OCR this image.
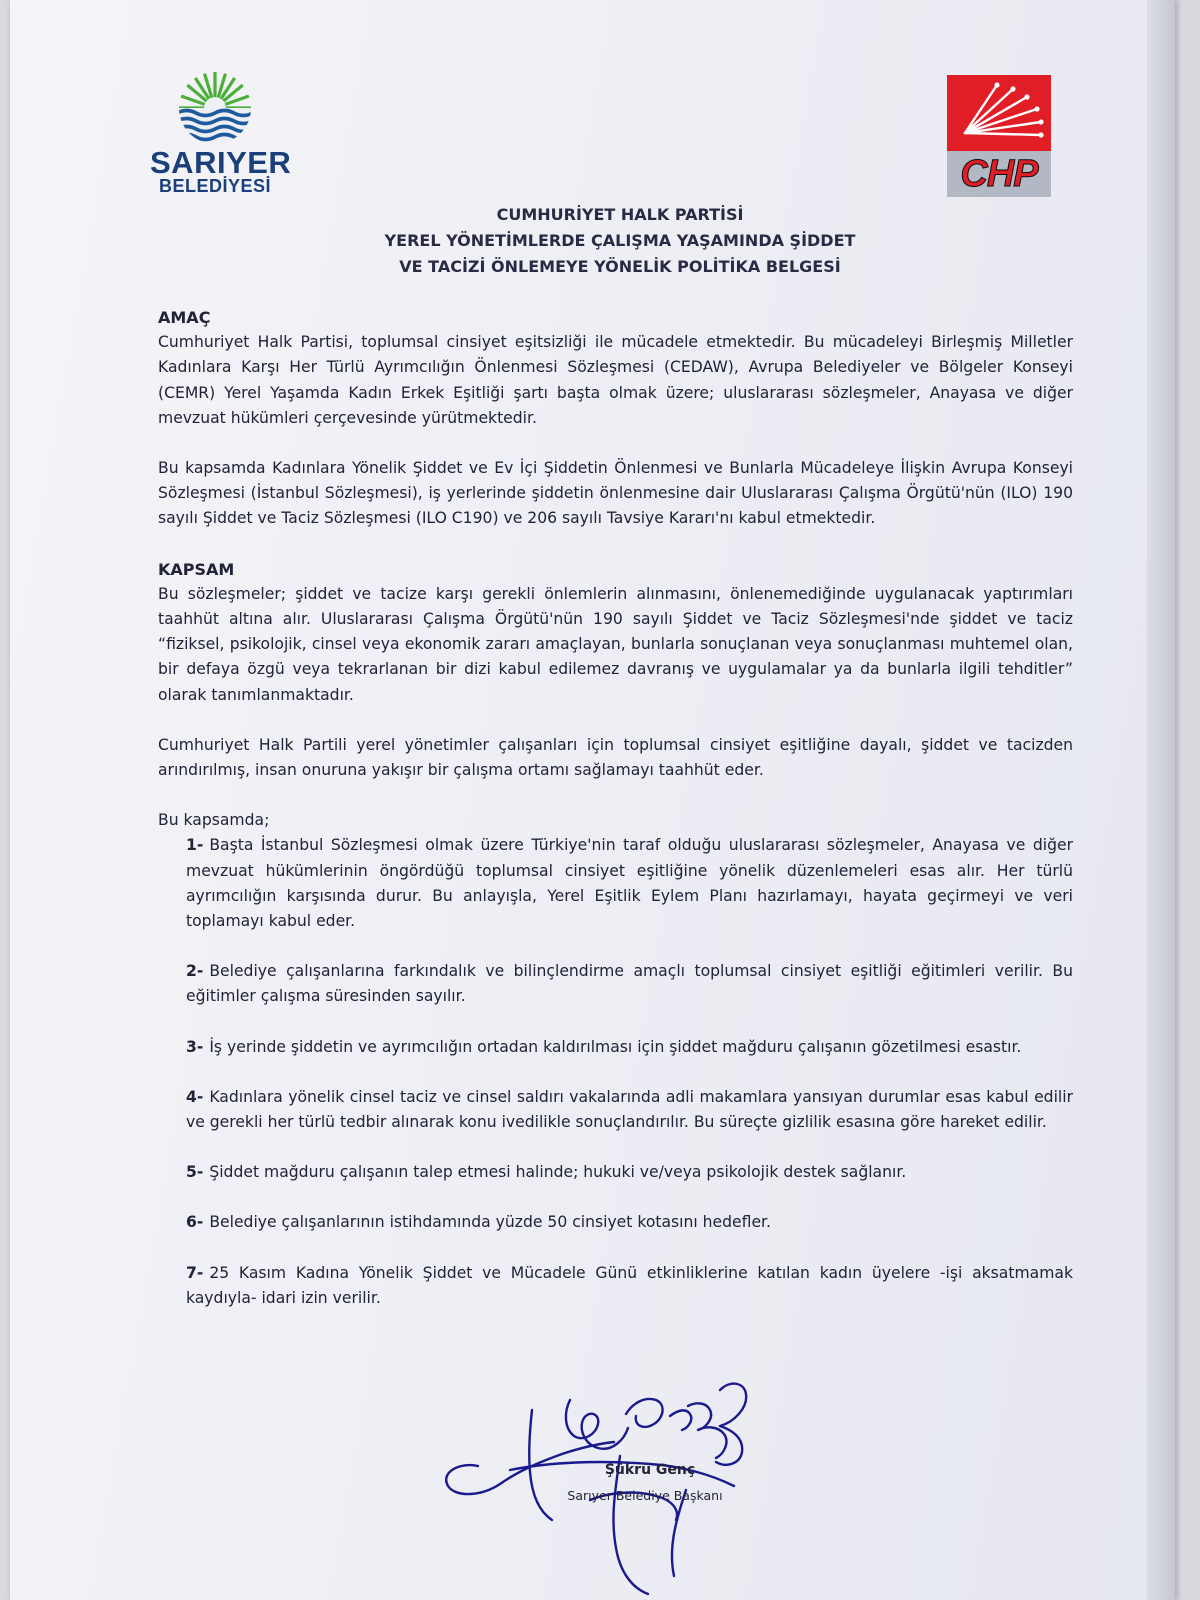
SARIYER
BELEDİYESİ	CHP
CUMHURİYET HALK PARTİSİ
YEREL YÖNETİMLERDE ÇALIŞMA YAŞAMINDA ŞİDDET
VE TACİZİ ÖNLEMEYE YÖNELİK POLİTİKA BELGESİ
AMAÇ
Cumhuriyet Halk Partisi, toplumsal cinsiyet eşitsizliği ile mücadele etmektedir. Bu mücadeleyi Birleşmiş Milletler Kadınlara Karşı Her Türlü Ayrımcılığın Önlenmesi Sözleşmesi (CEDAW), Avrupa Belediyeler ve Bölgeler Konseyi (CEMR) Yerel Yaşamda Kadın Erkek Eşitliği şartı başta olmak üzere; uluslararası sözleşmeler, Anayasa ve diğer mevzuat hükümleri çerçevesinde yürütmektedir.
Bu kapsamda Kadınlara Yönelik Şiddet ve Ev İçi Şiddetin Önlenmesi ve Bunlarla Mücadeleye İlişkin Avrupa Konseyi Sözleşmesi (İstanbul Sözleşmesi), iş yerlerinde şiddetin önlenmesine dair Uluslararası Çalışma Örgütü'nün (ILO) 190 sayılı Şiddet ve Taciz Sözleşmesi (ILO C190) ve 206 sayılı Tavsiye Kararı'nı kabul etmektedir.
KAPSAM
Bu sözleşmeler; şiddet ve tacize karşı gerekli önlemlerin alınmasını, önlenemediğinde uygulanacak yaptırımları taahhüt altına alır. Uluslararası Çalışma Örgütü'nün 190 sayılı Şiddet ve Taciz Sözleşmesi'nde şiddet ve taciz “fiziksel, psikolojik, cinsel veya ekonomik zararı amaçlayan, bunlarla sonuçlanan veya sonuçlanması muhtemel olan, bir defaya özgü veya tekrarlanan bir dizi kabul edilemez davranış ve uygulamalar ya da bunlarla ilgili tehditler” olarak tanımlanmaktadır.
Cumhuriyet Halk Partili yerel yönetimler çalışanları için toplumsal cinsiyet eşitliğine dayalı, şiddet ve tacizden arındırılmış, insan onuruna yakışır bir çalışma ortamı sağlamayı taahhüt eder.
Bu kapsamda;
1- Başta İstanbul Sözleşmesi olmak üzere Türkiye'nin taraf olduğu uluslararası sözleşmeler, Anayasa ve diğer mevzuat hükümlerinin öngördüğü toplumsal cinsiyet eşitliğine yönelik düzenlemeleri esas alır. Her türlü ayrımcılığın karşısında durur. Bu anlayışla, Yerel Eşitlik Eylem Planı hazırlamayı, hayata geçirmeyi ve veri toplamayı kabul eder.
2- Belediye çalışanlarına farkındalık ve bilinçlendirme amaçlı toplumsal cinsiyet eşitliği eğitimleri verilir. Bu eğitimler çalışma süresinden sayılır.
3- İş yerinde şiddetin ve ayrımcılığın ortadan kaldırılması için şiddet mağduru çalışanın gözetilmesi esastır.
4- Kadınlara yönelik cinsel taciz ve cinsel saldırı vakalarında adli makamlara yansıyan durumlar esas kabul edilir ve gerekli her türlü tedbir alınarak konu ivedilikle sonuçlandırılır. Bu süreçte gizlilik esasına göre hareket edilir.
5- Şiddet mağduru çalışanın talep etmesi halinde; hukuki ve/veya psikolojik destek sağlanır.
6- Belediye çalışanlarının istihdamında yüzde 50 cinsiyet kotasını hedefler.
7- 25 Kasım Kadına Yönelik Şiddet ve Mücadele Günü etkinliklerine katılan kadın üyelere -işi aksatmamak kaydıyla- idari izin verilir.
Şükrü Genç
Sarıyer Belediye Başkanı
